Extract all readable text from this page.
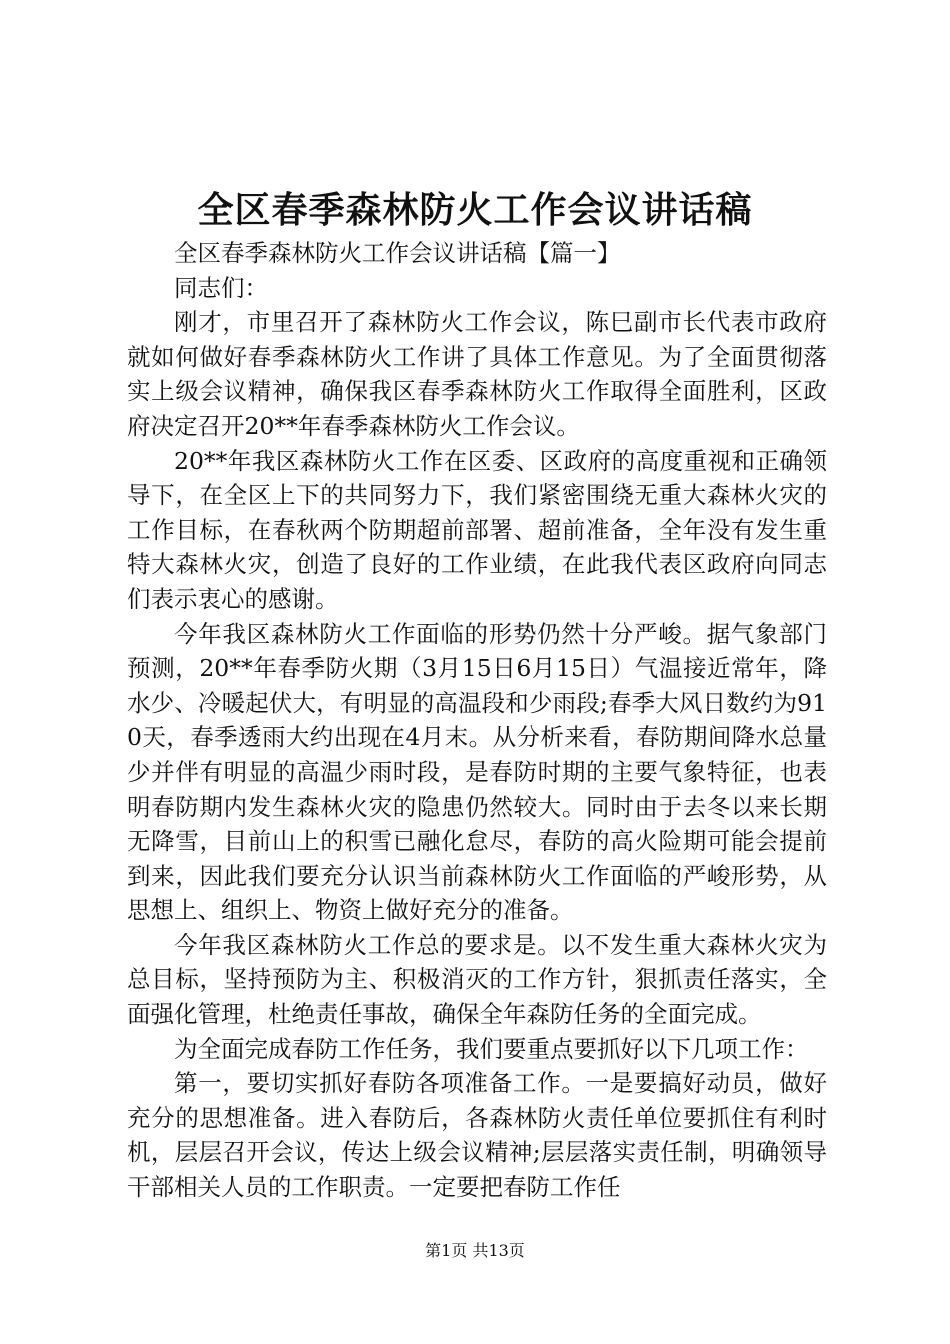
全区春季森林防火工作会议讲话稿

全区春季森林防火工作会议讲话稿【篇一】

同志们：

刚才，市里召开了森林防火工作会议，陈巳副市长代表市政府就如何做好春季森林防火工作讲了具体工作意见。为了全面贯彻落实上级会议精神，确保我区春季森林防火工作取得全面胜利，区政府决定召开20**年春季森林防火工作会议。

20**年我区森林防火工作在区委、区政府的高度重视和正确领导下，在全区上下的共同努力下，我们紧密围绕无重大森林火灾的工作目标，在春秋两个防期超前部署、超前准备，全年没有发生重特大森林火灾，创造了良好的工作业绩，在此我代表区政府向同志们表示衷心的感谢。

今年我区森林防火工作面临的形势仍然十分严峻。据气象部门预测，20**年春季防火期（3月15日6月15日）气温接近常年，降水少、冷暖起伏大，有明显的高温段和少雨段;春季大风日数约为910天，春季透雨大约出现在4月末。从分析来看，春防期间降水总量少并伴有明显的高温少雨时段，是春防时期的主要气象特征，也表明春防期内发生森林火灾的隐患仍然较大。同时由于去冬以来长期无降雪，目前山上的积雪已融化怠尽，春防的高火险期可能会提前到来，因此我们要充分认识当前森林防火工作面临的严峻形势，从思想上、组织上、物资上做好充分的准备。

今年我区森林防火工作总的要求是。以不发生重大森林火灾为总目标，坚持预防为主、积极消灭的工作方针，狠抓责任落实，全面强化管理，杜绝责任事故，确保全年森防任务的全面完成。

为全面完成春防工作任务，我们要重点要抓好以下几项工作：

第一，要切实抓好春防各项准备工作。一是要搞好动员，做好充分的思想准备。进入春防后，各森林防火责任单位要抓住有利时机，层层召开会议，传达上级会议精神;层层落实责任制，明确领导干部相关人员的工作职责。一定要把春防工作任

第1页 共13页
